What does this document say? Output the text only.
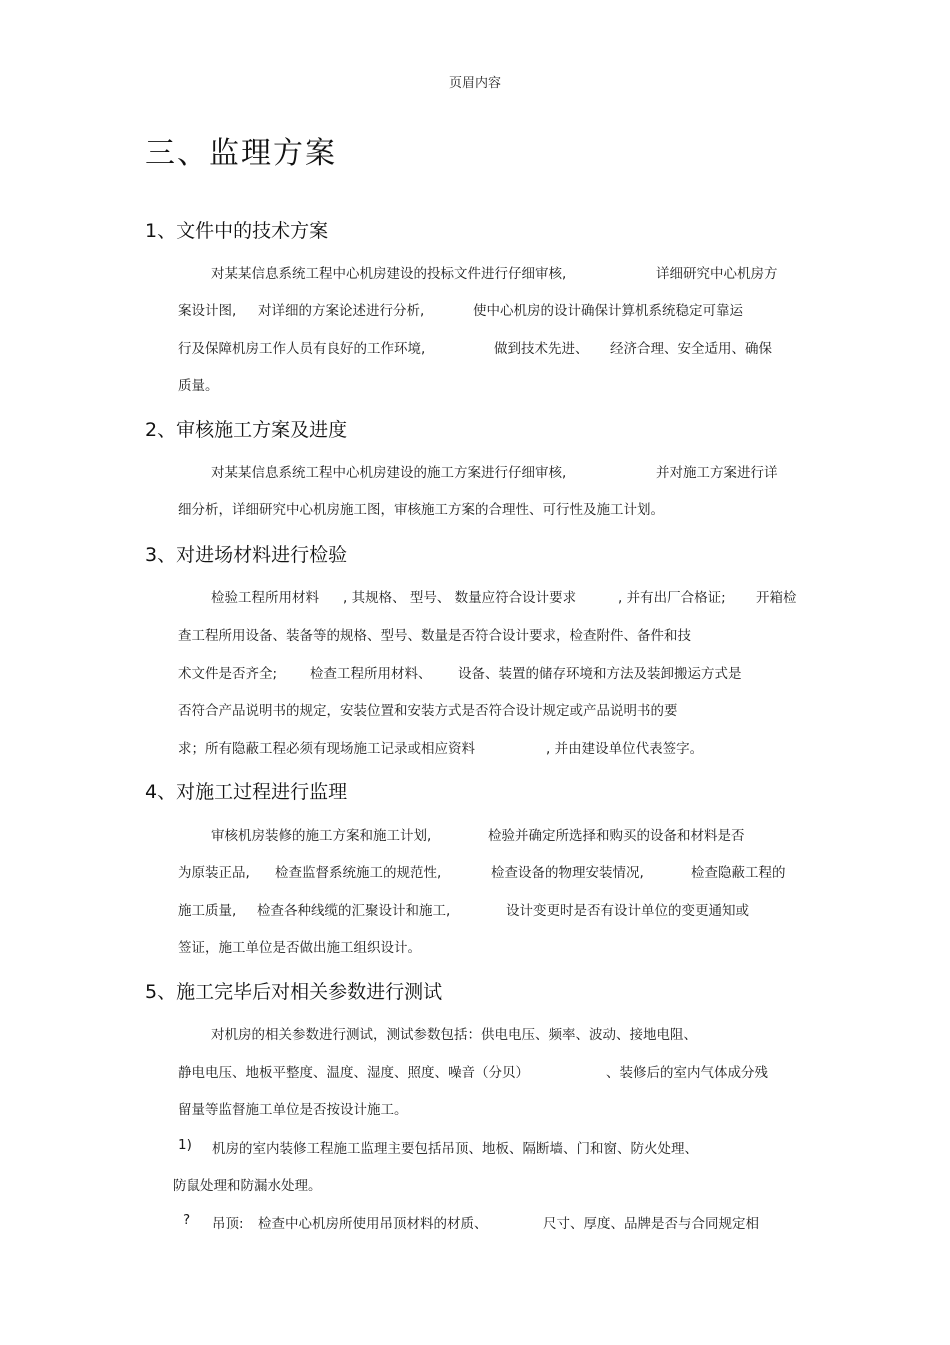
页眉内容
三、监理方案
1、文件中的技术方案
对某某信息系统工程中心机房建设的投标文件进行仔细审核,	详细研究中心机房方
案设计图, 对详细的方案论述进行分析,	使中心机房的设计确保计算机系统稳定可靠运
行及保障机房工作人员有良好的工作环境,	做到技术先进、 经济合理、安全适用、确保
质量。
2、审核施工方案及进度
对某某信息系统工程中心机房建设的施工方案进行仔细审核,	并对施工方案进行详
细分析，详细研究中心机房施工图，审核施工方案的合理性、可行性及施工计划。
3、对进场材料进行检验
检验工程所用材料 , 其规格、 型号、 数量应符合设计要求	, 并有出厂合格证; 开箱检
查工程所用设备、装备等的规格、型号、数量是否符合设计要求，检查附件、备件和技
术文件是否齐全; 检查工程所用材料、 设备、装置的储存环境和方法及装卸搬运方式是
否符合产品说明书的规定，安装位置和安装方式是否符合设计规定或产品说明书的要
求；所有隐蔽工程必须有现场施工记录或相应资料	, 并由建设单位代表签字。
4、对施工过程进行监理
审核机房装修的施工方案和施工计划,	检验并确定所选择和购买的设备和材料是否
为原装正品, 检查监督系统施工的规范性,	检查设备的物理安装情况,	检查隐蔽工程的
施工质量, 检查各种线缆的汇聚设计和施工,	设计变更时是否有设计单位的变更通知或
签证，施工单位是否做出施工组织设计。
5、施工完毕后对相关参数进行测试
对机房的相关参数进行测试，测试参数包括：供电电压、频率、波动、接地电阻、
静电电压、地板平整度、温度、湿度、照度、噪音（分贝）	、装修后的室内气体成分残
留量等监督施工单位是否按设计施工。
1) 机房的室内装修工程施工监理主要包括吊顶、地板、隔断墙、门和窗、防火处理、
防鼠处理和防漏水处理。
? 吊顶: 检查中心机房所使用吊顶材料的材质、	尺寸、厚度、品牌是否与合同规定相
